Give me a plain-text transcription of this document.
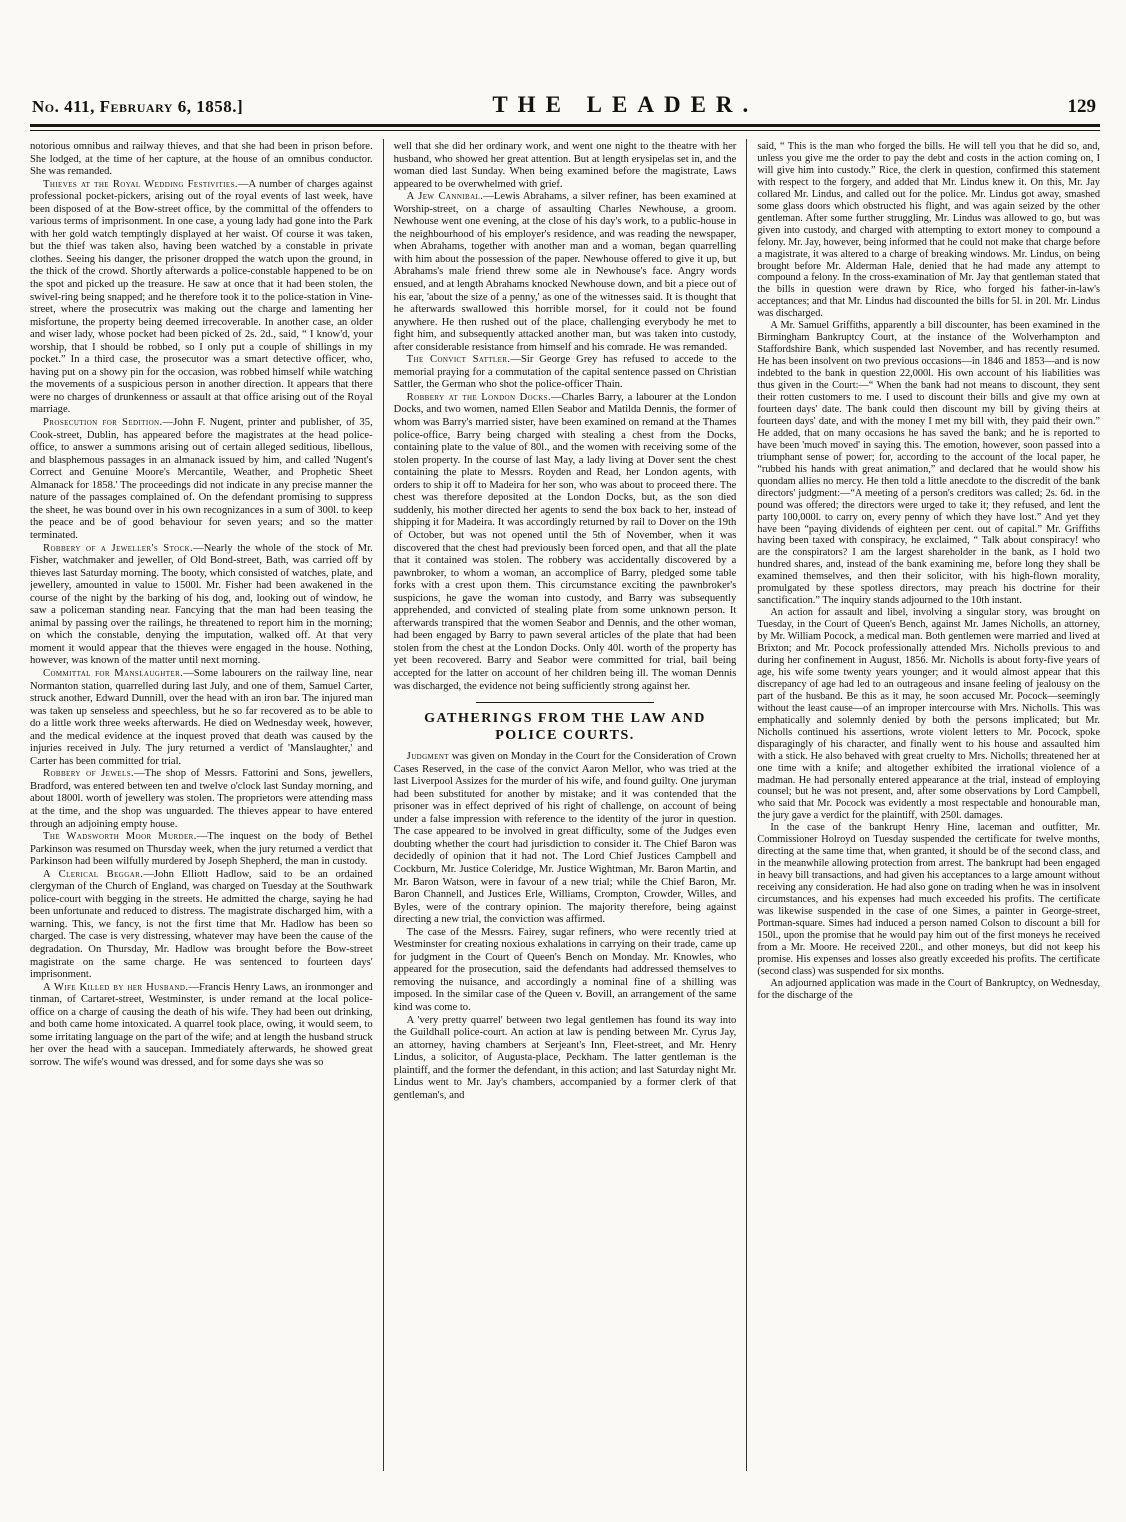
No. 411, February 6, 1858.]	THE LEADER.	129

notorious omnibus and railway thieves, and that she had been in prison before. She lodged, at the time of her capture, at the house of an omnibus conductor. She was remanded.

Thieves at the Royal Wedding Festivities.—A number of charges against professional pocket-pickers, arising out of the royal events of last week, have been disposed of at the Bow-street office, by the committal of the offenders to various terms of imprisonment. In one case, a young lady had gone into the Park with her gold watch temptingly displayed at her waist. Of course it was taken, but the thief was taken also, having been watched by a constable in private clothes. Seeing his danger, the prisoner dropped the watch upon the ground, in the thick of the crowd. Shortly afterwards a police-constable happened to be on the spot and picked up the treasure. He saw at once that it had been stolen, the swivel-ring being snapped; and he therefore took it to the police-station in Vine-street, where the prosecutrix was making out the charge and lamenting her misfortune, the property being deemed irrecoverable. In another case, an older and wiser lady, whose pocket had been picked of 2s. 2d., said, “ I know'd, your worship, that I should be robbed, so I only put a couple of shillings in my pocket.” In a third case, the prosecutor was a smart detective officer, who, having put on a showy pin for the occasion, was robbed himself while watching the movements of a suspicious person in another direction. It appears that there were no charges of drunkenness or assault at that office arising out of the Royal marriage.

Prosecution for Sedition.—John F. Nugent, printer and publisher, of 35, Cook-street, Dublin, has appeared before the magistrates at the head police-office, to answer a summons arising out of certain alleged seditious, libellous, and blasphemous passages in an almanack issued by him, and called 'Nugent's Correct and Genuine Moore's Mercantile, Weather, and Prophetic Sheet Almanack for 1858.' The proceedings did not indicate in any precise manner the nature of the passages complained of. On the defendant promising to suppress the sheet, he was bound over in his own recognizances in a sum of 300l. to keep the peace and be of good behaviour for seven years; and so the matter terminated.

Robbery of a Jeweller's Stock.—Nearly the whole of the stock of Mr. Fisher, watchmaker and jeweller, of Old Bond-street, Bath, was carried off by thieves last Saturday morning. The booty, which consisted of watches, plate, and jewellery, amounted in value to 1500l. Mr. Fisher had been awakened in the course of the night by the barking of his dog, and, looking out of window, he saw a policeman standing near. Fancying that the man had been teasing the animal by passing over the railings, he threatened to report him in the morning; on which the constable, denying the imputation, walked off. At that very moment it would appear that the thieves were engaged in the house. Nothing, however, was known of the matter until next morning.

Committal for Manslaughter.—Some labourers on the railway line, near Normanton station, quarrelled during last July, and one of them, Samuel Carter, struck another, Edward Dunnill, over the head with an iron bar. The injured man was taken up senseless and speechless, but he so far recovered as to be able to do a little work three weeks afterwards. He died on Wednesday week, however, and the medical evidence at the inquest proved that death was caused by the injuries received in July. The jury returned a verdict of 'Manslaughter,' and Carter has been committed for trial.

Robbery of Jewels.—The shop of Messrs. Fattorini and Sons, jewellers, Bradford, was entered between ten and twelve o'clock last Sunday morning, and about 1800l. worth of jewellery was stolen. The proprietors were attending mass at the time, and the shop was unguarded. The thieves appear to have entered through an adjoining empty house.

The Wadsworth Moor Murder.—The inquest on the body of Bethel Parkinson was resumed on Thursday week, when the jury returned a verdict that Parkinson had been wilfully murdered by Joseph Shepherd, the man in custody.

A Clerical Beggar.—John Elliott Hadlow, said to be an ordained clergyman of the Church of England, was charged on Tuesday at the Southwark police-court with begging in the streets. He admitted the charge, saying he had been unfortunate and reduced to distress. The magistrate discharged him, with a warning. This, we fancy, is not the first time that Mr. Hadlow has been so charged. The case is very distressing, whatever may have been the cause of the degradation. On Thursday, Mr. Hadlow was brought before the Bow-street magistrate on the same charge. He was sentenced to fourteen days' imprisonment.

A Wife Killed by her Husband.—Francis Henry Laws, an ironmonger and tinman, of Cartaret-street, Westminster, is under remand at the local police-office on a charge of causing the death of his wife. They had been out drinking, and both came home intoxicated. A quarrel took place, owing, it would seem, to some irritating language on the part of the wife; and at length the husband struck her over the head with a saucepan. Immediately afterwards, he showed great sorrow. The wife's wound was dressed, and for some days she was so

well that she did her ordinary work, and went one night to the theatre with her husband, who showed her great attention. But at length erysipelas set in, and the woman died last Sunday. When being examined before the magistrate, Laws appeared to be overwhelmed with grief.

A Jew Cannibal.—Lewis Abrahams, a silver refiner, has been examined at Worship-street, on a charge of assaulting Charles Newhouse, a groom. Newhouse went one evening, at the close of his day's work, to a public-house in the neighbourhood of his employer's residence, and was reading the newspaper, when Abrahams, together with another man and a woman, began quarrelling with him about the possession of the paper. Newhouse offered to give it up, but Abrahams's male friend threw some ale in Newhouse's face. Angry words ensued, and at length Abrahams knocked Newhouse down, and bit a piece out of his ear, 'about the size of a penny,' as one of the witnesses said. It is thought that he afterwards swallowed this horrible morsel, for it could not be found anywhere. He then rushed out of the place, challenging everybody he met to fight him, and subsequently attacked another man, but was taken into custody, after considerable resistance from himself and his comrade. He was remanded.

The Convict Sattler.—Sir George Grey has refused to accede to the memorial praying for a commutation of the capital sentence passed on Christian Sattler, the German who shot the police-officer Thain.

Robbery at the London Docks.—Charles Barry, a labourer at the London Docks, and two women, named Ellen Seabor and Matilda Dennis, the former of whom was Barry's married sister, have been examined on remand at the Thames police-office, Barry being charged with stealing a chest from the Docks, containing plate to the value of 80l., and the women with receiving some of the stolen property. In the course of last May, a lady living at Dover sent the chest containing the plate to Messrs. Royden and Read, her London agents, with orders to ship it off to Madeira for her son, who was about to proceed there. The chest was therefore deposited at the London Docks, but, as the son died suddenly, his mother directed her agents to send the box back to her, instead of shipping it for Madeira. It was accordingly returned by rail to Dover on the 19th of October, but was not opened until the 5th of November, when it was discovered that the chest had previously been forced open, and that all the plate that it contained was stolen. The robbery was accidentally discovered by a pawnbroker, to whom a woman, an accomplice of Barry, pledged some table forks with a crest upon them. This circumstance exciting the pawnbroker's suspicions, he gave the woman into custody, and Barry was subsequently apprehended, and convicted of stealing plate from some unknown person. It afterwards transpired that the women Seabor and Dennis, and the other woman, had been engaged by Barry to pawn several articles of the plate that had been stolen from the chest at the London Docks. Only 40l. worth of the property has yet been recovered. Barry and Seabor were committed for trial, bail being accepted for the latter on account of her children being ill. The woman Dennis was discharged, the evidence not being sufficiently strong against her.

GATHERINGS FROM THE LAW AND POLICE COURTS.

Judgment was given on Monday in the Court for the Consideration of Crown Cases Reserved, in the case of the convict Aaron Mellor, who was tried at the last Liverpool Assizes for the murder of his wife, and found guilty. One juryman had been substituted for another by mistake; and it was contended that the prisoner was in effect deprived of his right of challenge, on account of being under a false impression with reference to the identity of the juror in question. The case appeared to be involved in great difficulty, some of the Judges even doubting whether the court had jurisdiction to consider it. The Chief Baron was decidedly of opinion that it had not. The Lord Chief Justices Campbell and Cockburn, Mr. Justice Coleridge, Mr. Justice Wightman, Mr. Baron Martin, and Mr. Baron Watson, were in favour of a new trial; while the Chief Baron, Mr. Baron Channell, and Justices Erle, Williams, Crompton, Crowder, Willes, and Byles, were of the contrary opinion. The majority therefore, being against directing a new trial, the conviction was affirmed.

The case of the Messrs. Fairey, sugar refiners, who were recently tried at Westminster for creating noxious exhalations in carrying on their trade, came up for judgment in the Court of Queen's Bench on Monday. Mr. Knowles, who appeared for the prosecution, said the defendants had addressed themselves to removing the nuisance, and accordingly a nominal fine of a shilling was imposed. In the similar case of the Queen v. Bovill, an arrangement of the same kind was come to.

A 'very pretty quarrel' between two legal gentlemen has found its way into the Guildhall police-court. An action at law is pending between Mr. Cyrus Jay, an attorney, having chambers at Serjeant's Inn, Fleet-street, and Mr. Henry Lindus, a solicitor, of Augusta-place, Peckham. The latter gentleman is the plaintiff, and the former the defendant, in this action; and last Saturday night Mr. Lindus went to Mr. Jay's chambers, accompanied by a former clerk of that gentleman's, and

said, “ This is the man who forged the bills. He will tell you that he did so, and, unless you give me the order to pay the debt and costs in the action coming on, I will give him into custody.” Rice, the clerk in question, confirmed this statement with respect to the forgery, and added that Mr. Lindus knew it. On this, Mr. Jay collared Mr. Lindus, and called out for the police. Mr. Lindus got away, smashed some glass doors which obstructed his flight, and was again seized by the other gentleman. After some further struggling, Mr. Lindus was allowed to go, but was given into custody, and charged with attempting to extort money to compound a felony. Mr. Jay, however, being informed that he could not make that charge before a magistrate, it was altered to a charge of breaking windows. Mr. Lindus, on being brought before Mr. Alderman Hale, denied that he had made any attempt to compound a felony. In the cross-examination of Mr. Jay that gentleman stated that the bills in question were drawn by Rice, who forged his father-in-law's acceptances; and that Mr. Lindus had discounted the bills for 5l. in 20l. Mr. Lindus was discharged.

A Mr. Samuel Griffiths, apparently a bill discounter, has been examined in the Birmingham Bankruptcy Court, at the instance of the Wolverhampton and Staffordshire Bank, which suspended last November, and has recently resumed. He has been insolvent on two previous occasions—in 1846 and 1853—and is now indebted to the bank in question 22,000l. His own account of his liabilities was thus given in the Court:—“ When the bank had not means to discount, they sent their rotten customers to me. I used to discount their bills and give my own at fourteen days' date. The bank could then discount my bill by giving theirs at fourteen days' date, and with the money I met my bill with, they paid their own.” He added, that on many occasions he has saved the bank; and he is reported to have been 'much moved' in saying this. The emotion, however, soon passed into a triumphant sense of power; for, according to the account of the local paper, he “rubbed his hands with great animation,” and declared that he would show his quondam allies no mercy. He then told a little anecdote to the discredit of the bank directors' judgment:—“A meeting of a person's creditors was called; 2s. 6d. in the pound was offered; the directors were urged to take it; they refused, and lent the party 100,000l. to carry on, every penny of which they have lost.” And yet they have been “paying dividends of eighteen per cent. out of capital.” Mr. Griffiths having been taxed with conspiracy, he exclaimed, “ Talk about conspiracy! who are the conspirators? I am the largest shareholder in the bank, as I hold two hundred shares, and, instead of the bank examining me, before long they shall be examined themselves, and then their solicitor, with his high-flown morality, promulgated by these spotless directors, may preach his doctrine for their sanctification.” The inquiry stands adjourned to the 10th instant.

An action for assault and libel, involving a singular story, was brought on Tuesday, in the Court of Queen's Bench, against Mr. James Nicholls, an attorney, by Mr. William Pocock, a medical man. Both gentlemen were married and lived at Brixton; and Mr. Pocock professionally attended Mrs. Nicholls previous to and during her confinement in August, 1856. Mr. Nicholls is about forty-five years of age, his wife some twenty years younger; and it would almost appear that this discrepancy of age had led to an outrageous and insane feeling of jealousy on the part of the husband. Be this as it may, he soon accused Mr. Pocock—seemingly without the least cause—of an improper intercourse with Mrs. Nicholls. This was emphatically and solemnly denied by both the persons implicated; but Mr. Nicholls continued his assertions, wrote violent letters to Mr. Pocock, spoke disparagingly of his character, and finally went to his house and assaulted him with a stick. He also behaved with great cruelty to Mrs. Nicholls; threatened her at one time with a knife; and altogether exhibited the irrational violence of a madman. He had personally entered appearance at the trial, instead of employing counsel; but he was not present, and, after some observations by Lord Campbell, who said that Mr. Pocock was evidently a most respectable and honourable man, the jury gave a verdict for the plaintiff, with 250l. damages.

In the case of the bankrupt Henry Hine, laceman and outfitter, Mr. Commissioner Holroyd on Tuesday suspended the certificate for twelve months, directing at the same time that, when granted, it should be of the second class, and in the meanwhile allowing protection from arrest. The bankrupt had been engaged in heavy bill transactions, and had given his acceptances to a large amount without receiving any consideration. He had also gone on trading when he was in insolvent circumstances, and his expenses had much exceeded his profits. The certificate was likewise suspended in the case of one Simes, a painter in George-street, Portman-square. Simes had induced a person named Colson to discount a bill for 150l., upon the promise that he would pay him out of the first moneys he received from a Mr. Moore. He received 220l., and other moneys, but did not keep his promise. His expenses and losses also greatly exceeded his profits. The certificate (second class) was suspended for six months.

An adjourned application was made in the Court of Bankruptcy, on Wednesday, for the discharge of the
